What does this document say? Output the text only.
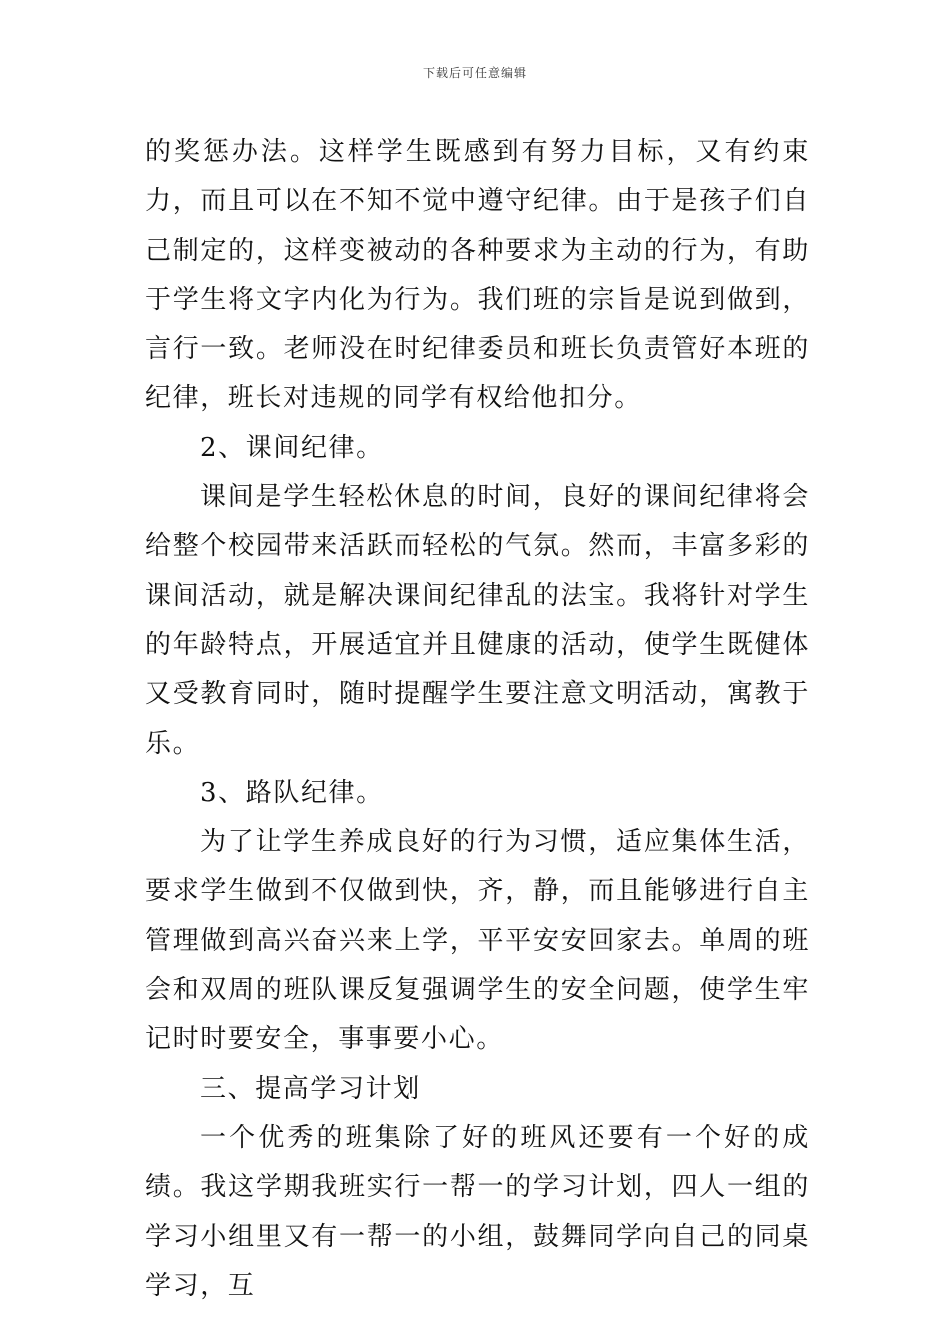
下载后可任意编辑

的奖惩办法。这样学生既感到有努力目标，又有约束力，而且可以在不知不觉中遵守纪律。由于是孩子们自己制定的，这样变被动的各种要求为主动的行为，有助于学生将文字内化为行为。我们班的宗旨是说到做到，言行一致。老师没在时纪律委员和班长负责管好本班的纪律，班长对违规的同学有权给他扣分。

2、课间纪律。

课间是学生轻松休息的时间，良好的课间纪律将会给整个校园带来活跃而轻松的气氛。然而，丰富多彩的课间活动，就是解决课间纪律乱的法宝。我将针对学生的年龄特点，开展适宜并且健康的活动，使学生既健体又受教育同时，随时提醒学生要注意文明活动，寓教于乐。

3、路队纪律。

为了让学生养成良好的行为习惯，适应集体生活，要求学生做到不仅做到快，齐，静，而且能够进行自主管理做到高兴奋兴来上学，平平安安回家去。单周的班会和双周的班队课反复强调学生的安全问题，使学生牢记时时要安全，事事要小心。

三、提高学习计划

一个优秀的班集除了好的班风还要有一个好的成绩。我这学期我班实行一帮一的学习计划，四人一组的学习小组里又有一帮一的小组，鼓舞同学向自己的同桌学习，互
